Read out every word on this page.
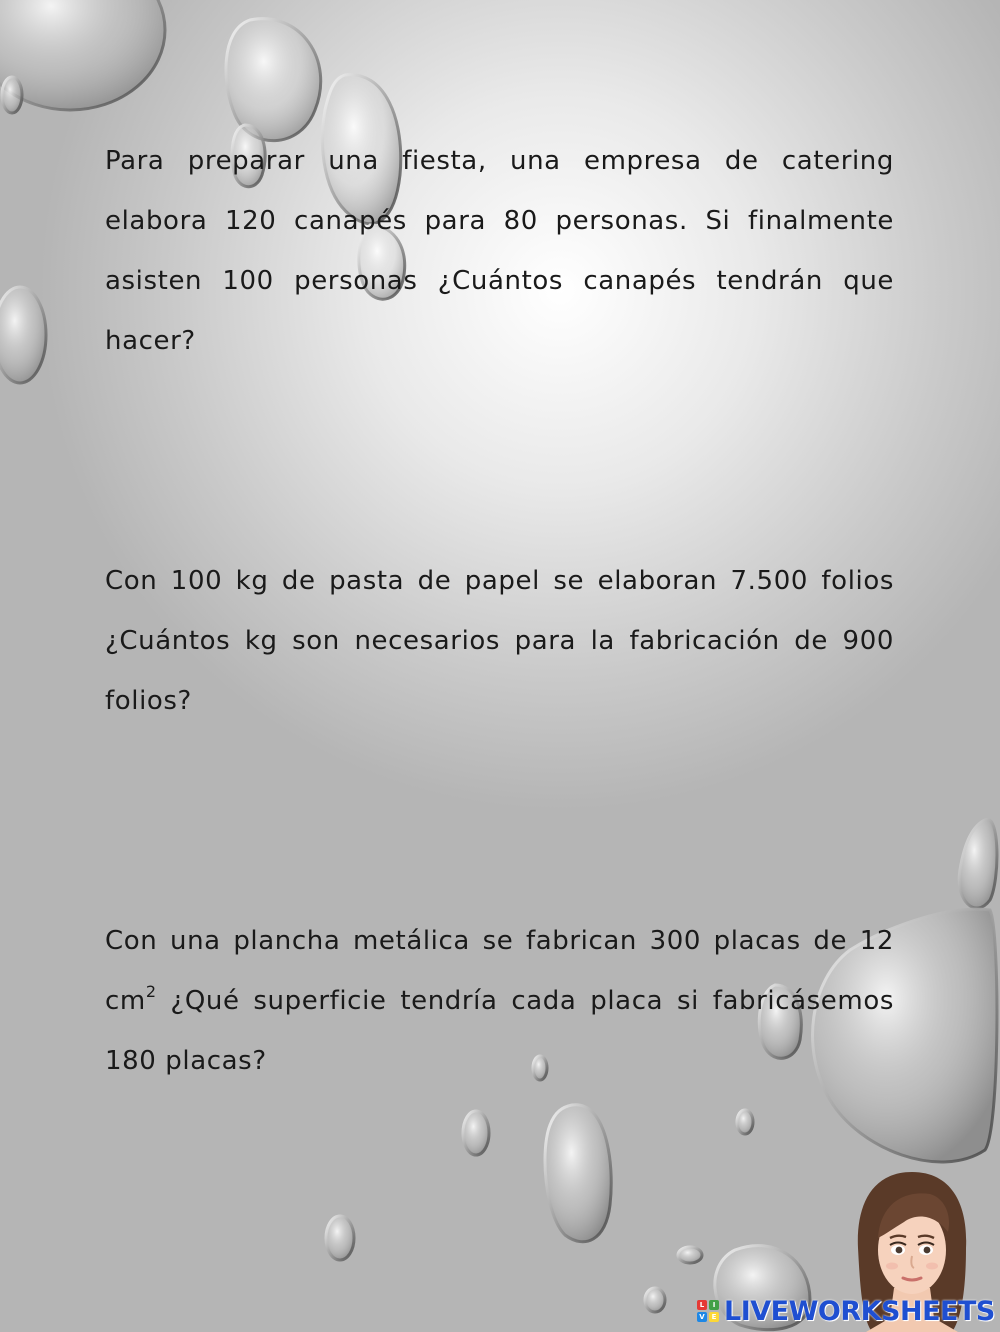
Para preparar una fiesta, una empresa de catering elabora 120 canapés para 80 personas. Si finalmente asisten 100 personas ¿Cuántos canapés tendrán que hacer?

Con 100 kg de pasta de papel se elaboran 7.500 folios ¿Cuántos kg son necesarios para la fabricación de 900 folios?

Con una plancha metálica se fabrican 300 placas de 12 $cm^2$ ¿Qué superficie tendría cada placa si fabricásemos 180 placas?

L	I
V E LIVEWORKSHEETS
